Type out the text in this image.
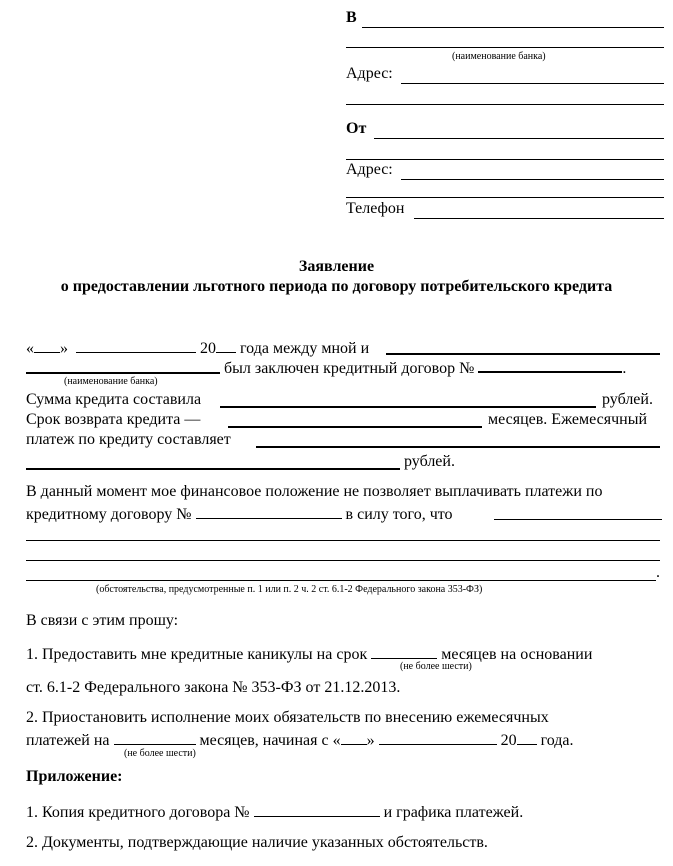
В
(наименование банка)
Адрес:
От
Адрес:
Телефон
Заявление
о предоставлении льготного периода по договору потребительского кредита
« »	20 года между мной и
был заключен кредитный договор №	.
(наименование банка)
Сумма кредита составила	рублей.
Срок возврата кредита —	месяцев. Ежемесячный
платеж по кредиту составляет
рублей.
В данный момент мое финансовое положение не позволяет выплачивать платежи по
кредитному договору №	в силу того, что
.
(обстоятельства, предусмотренные п. 1 или п. 2 ч. 2 ст. 6.1-2 Федерального закона 353-ФЗ)
В связи с этим прошу:
1. Предоставить мне кредитные каникулы на срок	месяцев на основании
(не более шести)
ст. 6.1-2 Федерального закона № 353-ФЗ от 21.12.2013.
2. Приостановить исполнение моих обязательств по внесению ежемесячных
платежей на	месяцев, начиная с « »	20 года.
(не более шести)
Приложение:
1. Копия кредитного договора №	и графика платежей.
2. Документы, подтверждающие наличие указанных обстоятельств.
